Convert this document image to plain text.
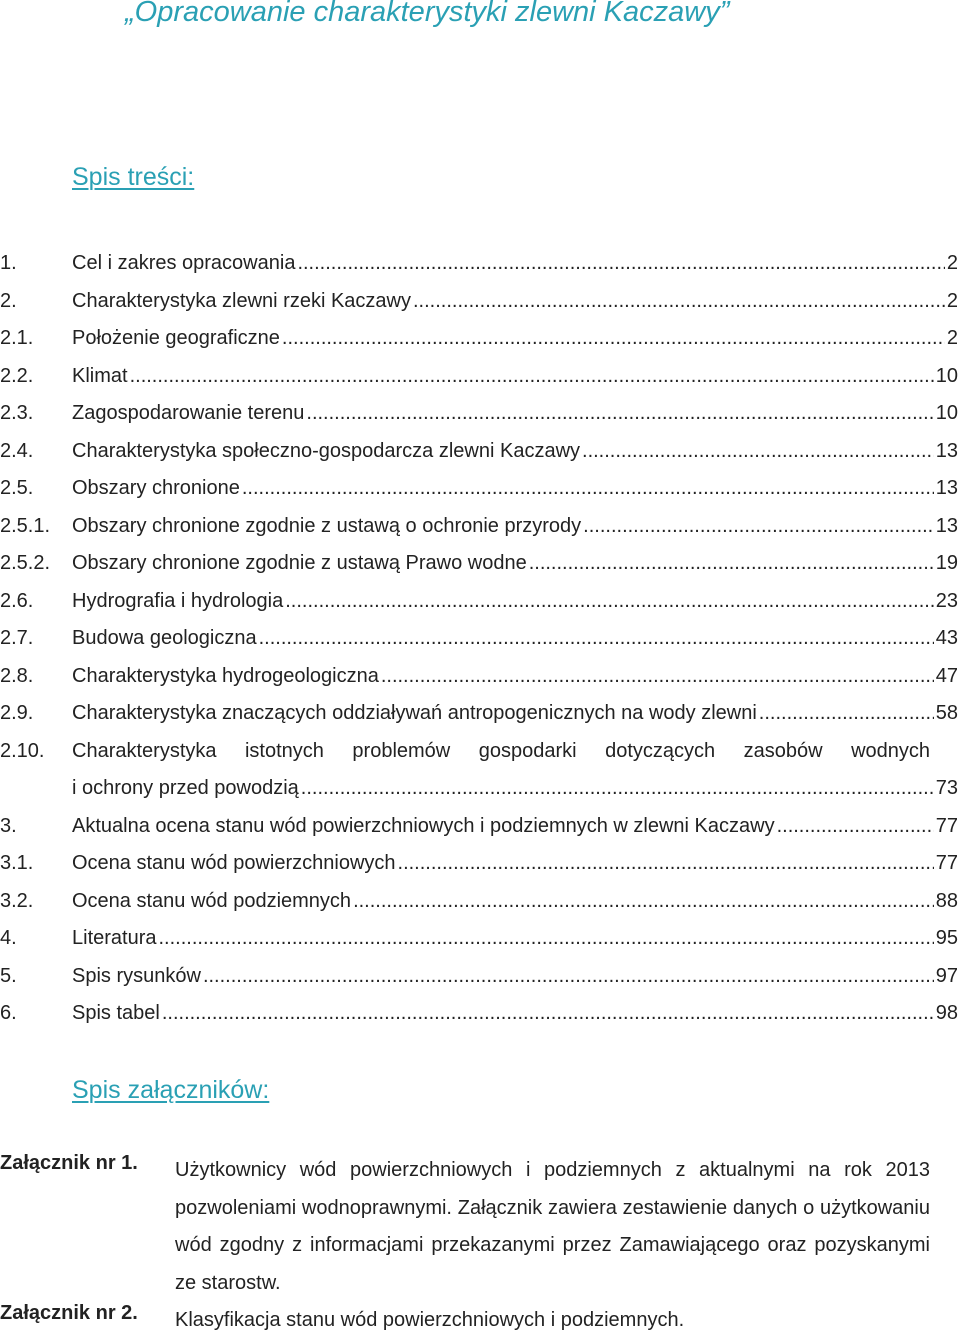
„Opracowanie charakterystyki zlewni Kaczawy”
Spis treści:
1.	Cel i zakres opracowania .....	2
2.	Charakterystyka zlewni rzeki Kaczawy .....	2
2.1. Położenie geograficzne .....	2
2.2. Klimat .....	10
2.3. Zagospodarowanie terenu .....	10
2.4. Charakterystyka społeczno-gospodarcza zlewni Kaczawy .....	13
2.5. Obszary chronione .....	13
2.5.1. Obszary chronione zgodnie z ustawą o ochronie przyrody .....	13
2.5.2. Obszary chronione zgodnie z ustawą Prawo wodne .....	19
2.6. Hydrografia i hydrologia .....	23
2.7. Budowa geologiczna .....	43
2.8. Charakterystyka hydrogeologiczna .....	47
2.9. Charakterystyka znaczących oddziaływań antropogenicznych na wody zlewni .....	58
2.10. Charakterystyka istotnych problemów gospodarki dotyczących zasobów wodnych
i ochrony przed powodzią .....	73
3.	Aktualna ocena stanu wód powierzchniowych i podziemnych w zlewni Kaczawy .....	77
3.1. Ocena stanu wód powierzchniowych .....	77
3.2. Ocena stanu wód podziemnych .....	88
4.	Literatura .....	95
5.	Spis rysunków .....	97
6.	Spis tabel .....	98
Spis załączników:
Załącznik nr 1. Użytkownicy wód powierzchniowych i podziemnych z aktualnymi na rok 2013 pozwoleniami wodnoprawnymi. Załącznik zawiera zestawienie danych o użytkowaniu wód zgodny z informacjami przekazanymi przez Zamawiającego oraz pozyskanymi ze starostw.
Załącznik nr 2. Klasyfikacja stanu wód powierzchniowych i podziemnych.
